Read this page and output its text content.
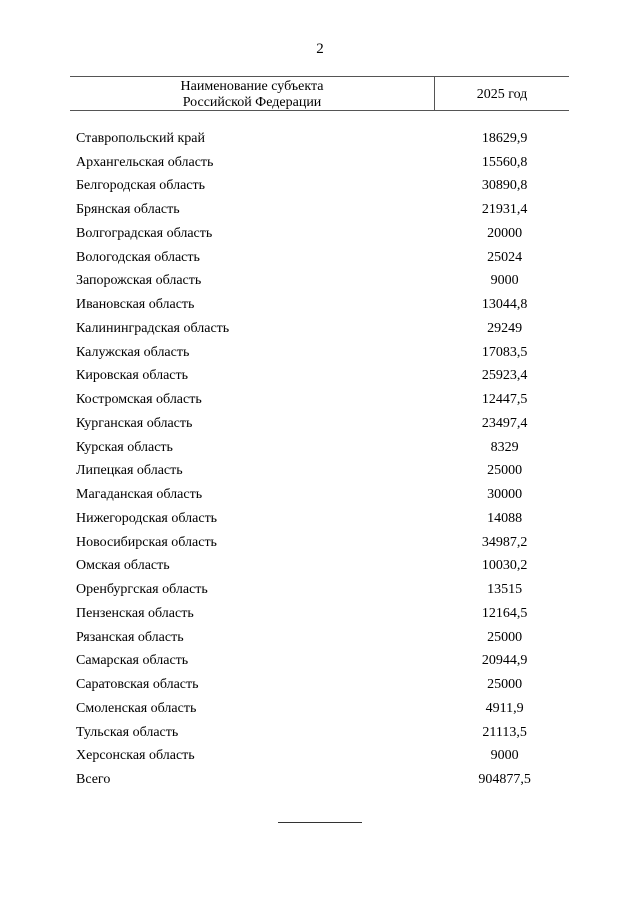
2
Наименование субъекта
Российской Федерации	2025 год
Ставропольский край	18629,9
Архангельская область	15560,8
Белгородская область	30890,8
Брянская область	21931,4
Волгоградская область	20000
Вологодская область	25024
Запорожская область	9000
Ивановская область	13044,8
Калининградская область	29249
Калужская область	17083,5
Кировская область	25923,4
Костромская область	12447,5
Курганская область	23497,4
Курская область	8329
Липецкая область	25000
Магаданская область	30000
Нижегородская область	14088
Новосибирская область	34987,2
Омская область	10030,2
Оренбургская область	13515
Пензенская область	12164,5
Рязанская область	25000
Самарская область	20944,9
Саратовская область	25000
Смоленская область	4911,9
Тульская область	21113,5
Херсонская область	9000
Всего	904877,5
